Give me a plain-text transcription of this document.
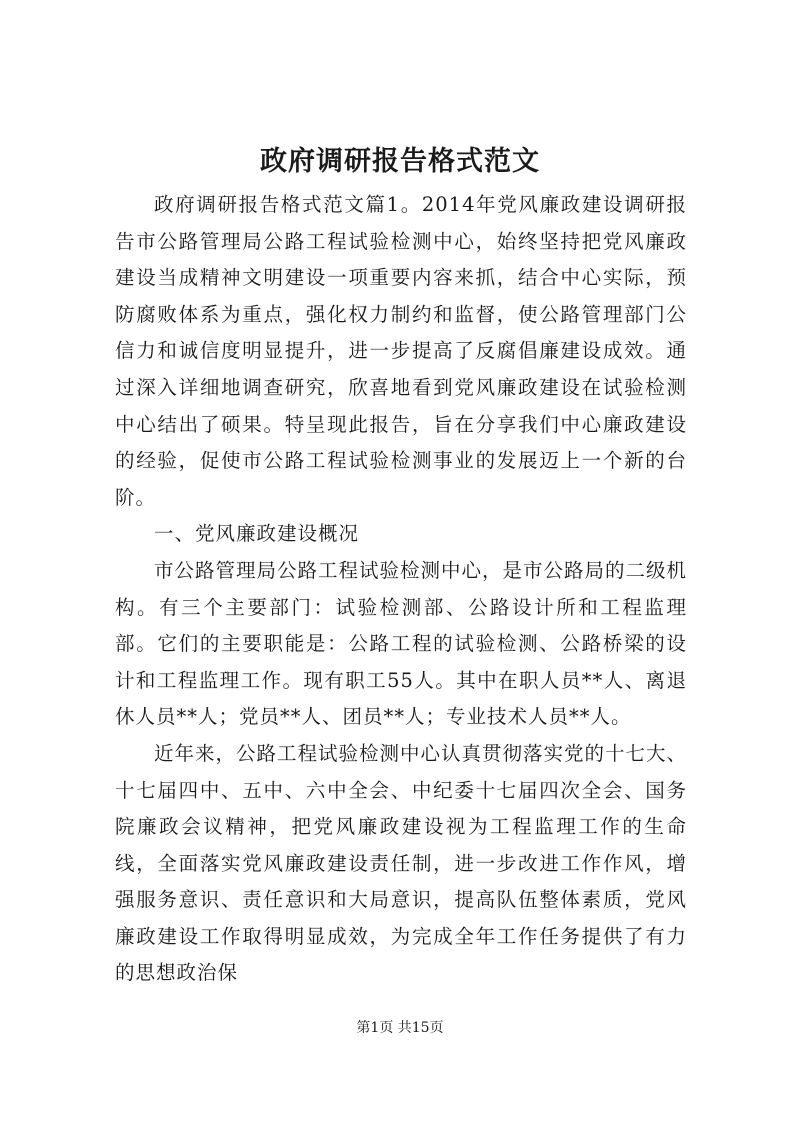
政府调研报告格式范文

政府调研报告格式范文篇1。2014年党风廉政建设调研报告市公路管理局公路工程试验检测中心，始终坚持把党风廉政建设当成精神文明建设一项重要内容来抓，结合中心实际，预防腐败体系为重点，强化权力制约和监督，使公路管理部门公信力和诚信度明显提升，进一步提高了反腐倡廉建设成效。通过深入详细地调查研究，欣喜地看到党风廉政建设在试验检测中心结出了硕果。特呈现此报告，旨在分享我们中心廉政建设的经验，促使市公路工程试验检测事业的发展迈上一个新的台阶。

一、党风廉政建设概况

市公路管理局公路工程试验检测中心，是市公路局的二级机构。有三个主要部门：试验检测部、公路设计所和工程监理部。它们的主要职能是：公路工程的试验检测、公路桥梁的设计和工程监理工作。现有职工55人。其中在职人员**人、离退休人员**人；党员**人、团员**人；专业技术人员**人。

近年来，公路工程试验检测中心认真贯彻落实党的十七大、十七届四中、五中、六中全会、中纪委十七届四次全会、国务院廉政会议精神，把党风廉政建设视为工程监理工作的生命线，全面落实党风廉政建设责任制，进一步改进工作作风，增强服务意识、责任意识和大局意识，提高队伍整体素质，党风廉政建设工作取得明显成效，为完成全年工作任务提供了有力的思想政治保

第1页 共15页
